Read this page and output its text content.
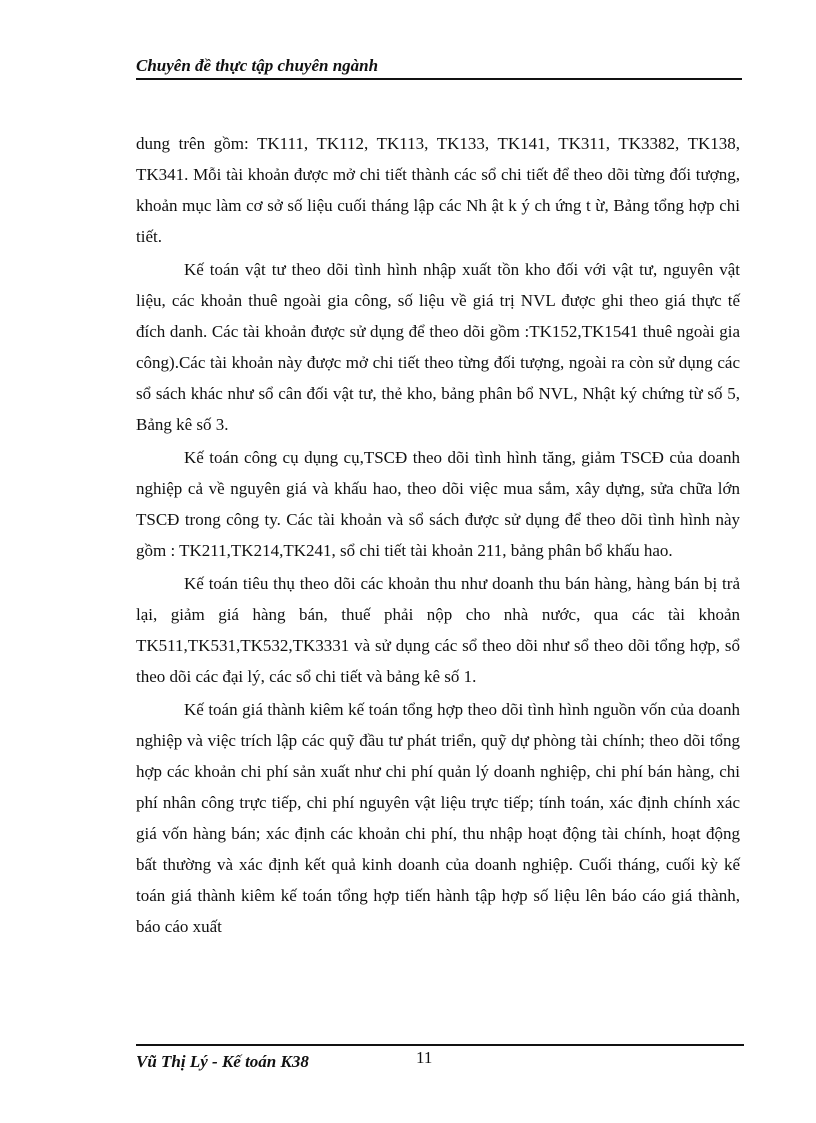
Chuyên đề thực tập chuyên ngành

dung trên gồm: TK111, TK112, TK113, TK133, TK141, TK311, TK3382, TK138, TK341. Mỗi tài khoản được mở chi tiết thành các sổ chi tiết để theo dõi từng đối tượng, khoản mục làm cơ sở số liệu cuối tháng lập các Nh ật k ý ch ứng t ừ, Bảng tổng hợp chi tiết.

Kế toán vật tư theo dõi tình hình nhập xuất tồn kho đối với vật tư, nguyên vật liệu, các khoản thuê ngoài gia công, số liệu về giá trị NVL được ghi theo giá thực tế đích danh. Các tài khoản được sử dụng để theo dõi gồm :TK152,TK1541 thuê ngoài gia công).Các tài khoản này được mở chi tiết theo từng đối tượng, ngoài ra còn sử dụng các sổ sách khác như sổ cân đối vật tư, thẻ kho, bảng phân bổ NVL, Nhật ký chứng từ số 5, Bảng kê số 3.

Kế toán công cụ dụng cụ,TSCĐ theo dõi tình hình tăng, giảm TSCĐ của doanh nghiệp cả về nguyên giá và khấu hao, theo dõi việc mua sắm, xây dựng, sửa chữa lớn TSCĐ trong công ty. Các tài khoản và sổ sách được sử dụng để theo dõi tình hình này gồm : TK211,TK214,TK241, sổ chi tiết tài khoản 211, bảng phân bổ khấu hao.

Kế toán tiêu thụ theo dõi các khoản thu như doanh thu bán hàng, hàng bán bị trả lại, giảm giá hàng bán, thuế phải nộp cho nhà nước, qua các tài khoản TK511,TK531,TK532,TK3331 và sử dụng các sổ theo dõi như sổ theo dõi tổng hợp, sổ theo dõi các đại lý, các sổ chi tiết và bảng kê số 1.

Kế toán giá thành kiêm kế toán tổng hợp theo dõi tình hình nguồn vốn của doanh nghiệp và việc trích lập các quỹ đầu tư phát triển, quỹ dự phòng tài chính; theo dõi tổng hợp các khoản chi phí sản xuất như chi phí quản lý doanh nghiệp, chi phí bán hàng, chi phí nhân công trực tiếp, chi phí nguyên vật liệu trực tiếp; tính toán, xác định chính xác giá vốn hàng bán; xác định các khoản chi phí, thu nhập hoạt động tài chính, hoạt động bất thường và xác định kết quả kinh doanh của doanh nghiệp. Cuối tháng, cuối kỳ kế toán giá thành kiêm kế toán tổng hợp tiến hành tập hợp số liệu lên báo cáo giá thành, báo cáo xuất

Vũ Thị Lý - Kế toán K38	11
